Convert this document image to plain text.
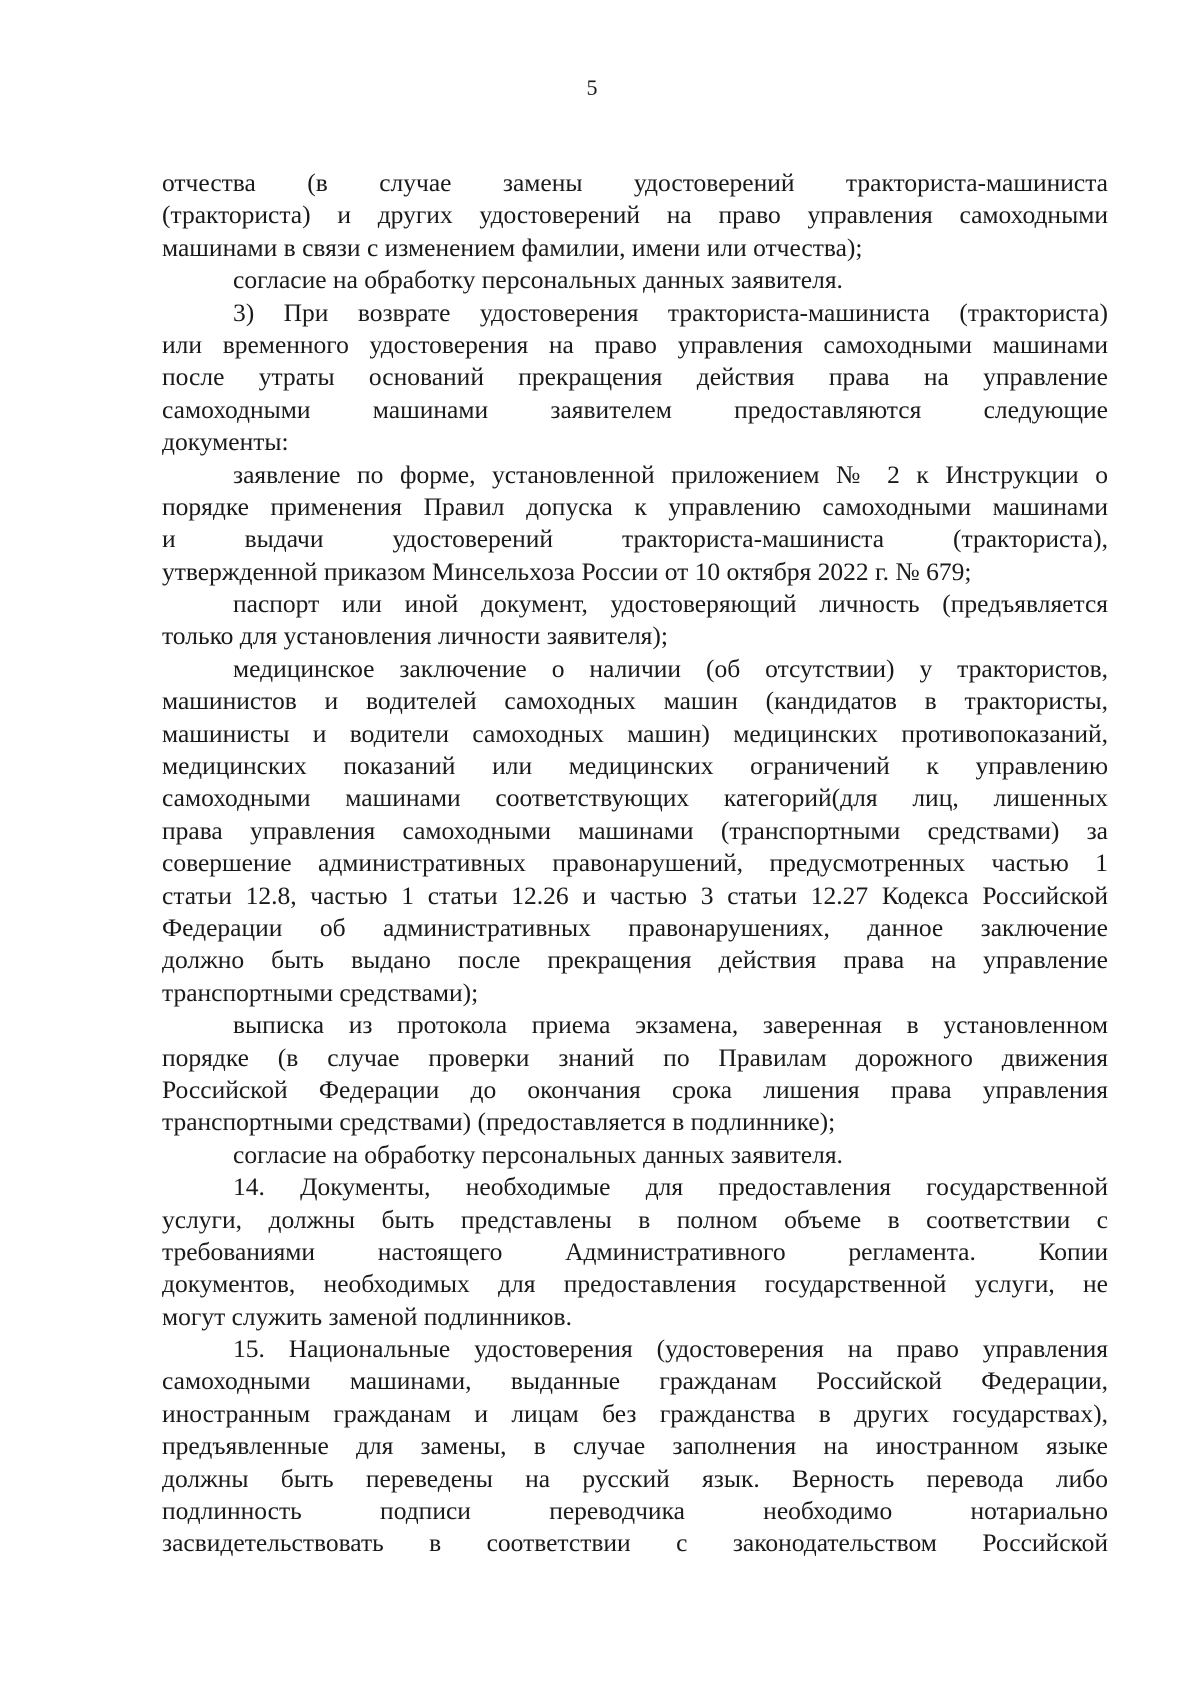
5
отчества (в случае замены удостоверений тракториста-машиниста
(тракториста) и других удостоверений на право управления самоходными
машинами в связи с изменением фамилии, имени или отчества);
согласие на обработку персональных данных заявителя.
3) При возврате удостоверения тракториста-машиниста (тракториста)
или временного удостоверения на право управления самоходными машинами
после утраты оснований прекращения действия права на управление
самоходными машинами заявителем предоставляются следующие
документы:
заявление по форме, установленной приложением № 2 к Инструкции о
порядке применения Правил допуска к управлению самоходными машинами
и выдачи удостоверений тракториста-машиниста (тракториста),
утвержденной приказом Минсельхоза России от 10 октября 2022 г. № 679;
паспорт или иной документ, удостоверяющий личность (предъявляется
только для установления личности заявителя);
медицинское заключение о наличии (об отсутствии) у трактористов,
машинистов и водителей самоходных машин (кандидатов в трактористы,
машинисты и водители самоходных машин) медицинских противопоказаний,
медицинских показаний или медицинских ограничений к управлению
самоходными машинами соответствующих категорий(для лиц, лишенных
права управления самоходными машинами (транспортными средствами) за
совершение административных правонарушений, предусмотренных частью 1
статьи 12.8, частью 1 статьи 12.26 и частью 3 статьи 12.27 Кодекса Российской
Федерации об административных правонарушениях, данное заключение
должно быть выдано после прекращения действия права на управление
транспортными средствами);
выписка из протокола приема экзамена, заверенная в установленном
порядке (в случае проверки знаний по Правилам дорожного движения
Российской Федерации до окончания срока лишения права управления
транспортными средствами) (предоставляется в подлиннике);
согласие на обработку персональных данных заявителя.
14. Документы, необходимые для предоставления государственной
услуги, должны быть представлены в полном объеме в соответствии с
требованиями настоящего Административного регламента. Копии
документов, необходимых для предоставления государственной услуги, не
могут служить заменой подлинников.
15. Национальные удостоверения (удостоверения на право управления
самоходными машинами, выданные гражданам Российской Федерации,
иностранным гражданам и лицам без гражданства в других государствах),
предъявленные для замены, в случае заполнения на иностранном языке
должны быть переведены на русский язык. Верность перевода либо
подлинность подписи переводчика необходимо нотариально
засвидетельствовать в соответствии с законодательством Российской
